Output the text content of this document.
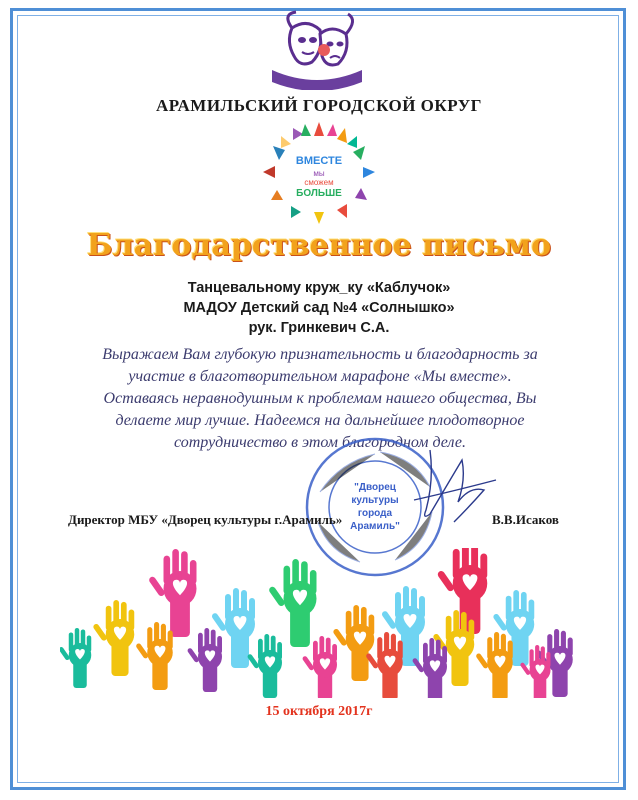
АРАМИЛЬСКИЙ ГОРОДСКОЙ ОКРУГ
ВМЕСТЕ
мы
сможем
БОЛЬШЕ
Благодарственное письмо
Танцевальному круж_ку «Каблучок»
МАДОУ Детский сад №4 «Солнышко»
рук. Гринкевич С.А.
Выражаем Вам глубокую признательность и благодарность за
участие в благотворительном марафоне «Мы вместе».
Оставаясь неравнодушным к проблемам нашего общества, Вы
делаете мир лучше. Надеемся на дальнейшее плодотворное
сотрудничество в этом благородном деле.
"Дворец
культуры
города
Арамиль"
Директор МБУ «Дворец культуры г.Арамиль»	В.В.Исаков
15 октября 2017г
